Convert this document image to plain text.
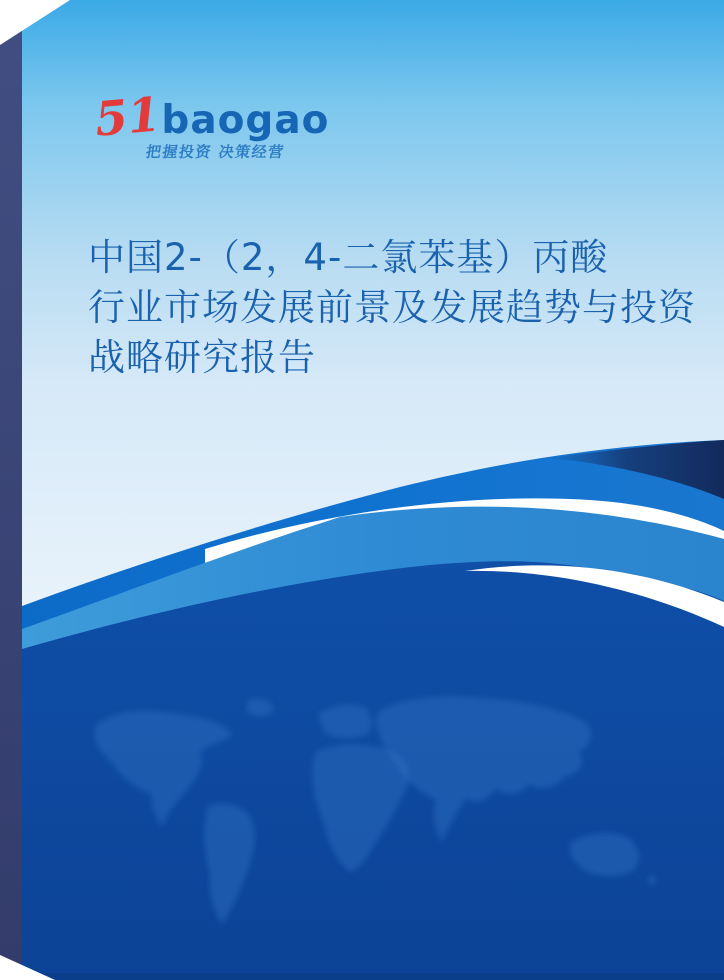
51baogao
把握投资 决策经营
中国2-（2，4-二氯苯基）丙酸
行业市场发展前景及发展趋势与投资
战略研究报告
